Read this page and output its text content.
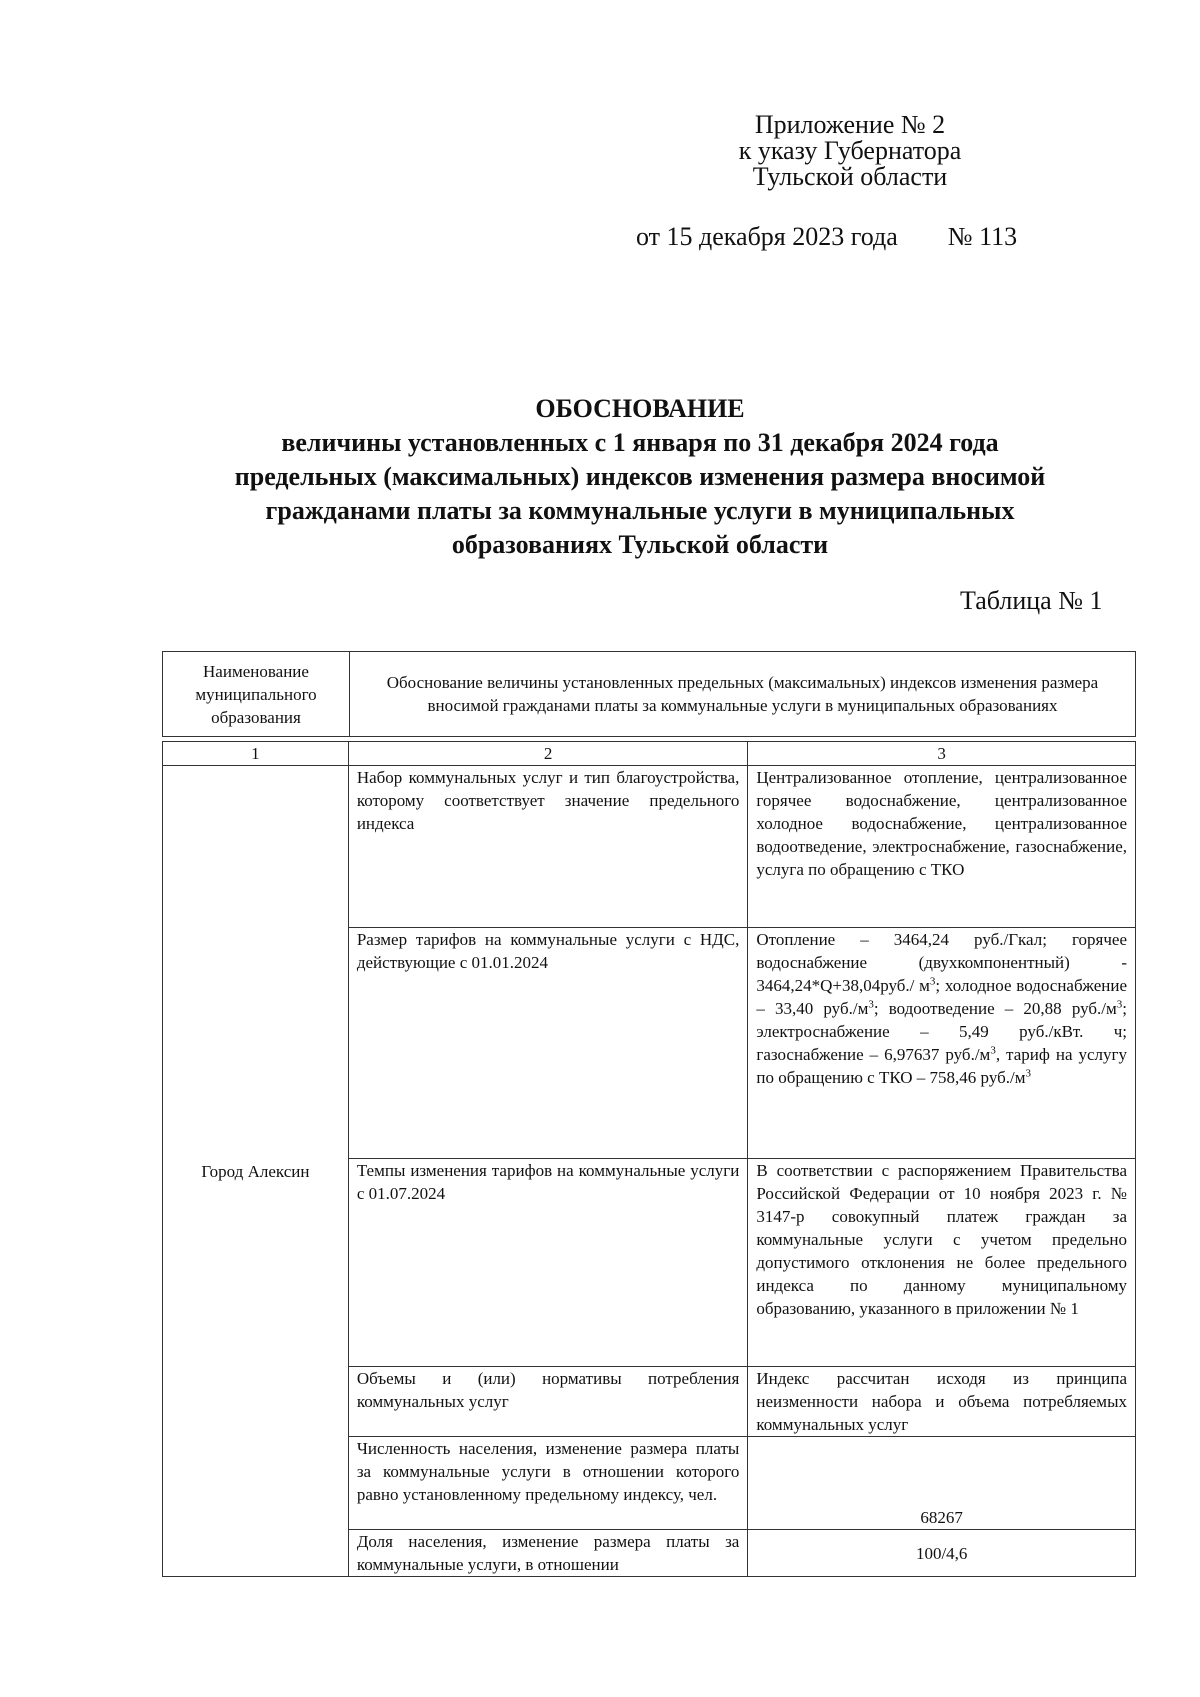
Приложение № 2
к указу Губернатора
Тульской области
от 15 декабря 2023 года № 113
ОБОСНОВАНИЕ
величины установленных с 1 января по 31 декабря 2024 года
предельных (максимальных) индексов изменения размера вносимой
гражданами платы за коммунальные услуги в муниципальных
образованиях Тульской области
Таблица № 1
Наименование муниципального образования	Обоснование величины установленных предельных (максимальных) индексов изменения размера вносимой гражданами платы за коммунальные услуги в муниципальных образованиях
1	2	3
Город Алексин	Набор коммунальных услуг и тип благоустройства, которому соответствует значение предельного индекса	Централизованное отопление, централизованное горячее водоснабжение, централизованное холодное водоснабжение, централизованное водоотведение, электроснабжение, газоснабжение, услуга по обращению с ТКО
	Размер тарифов на коммунальные услуги с НДС, действующие с 01.01.2024	Отопление – 3464,24 руб./Гкал; горячее водоснабжение (двухкомпонентный) - 3464,24*Q+38,04руб./ $м^3$; холодное водоснабжение – 33,40 $руб./м^3$; водоотведение – 20,88 $руб./м^3$; электроснабжение – 5,49 руб./кВт. ч; газоснабжение – 6,97637 $руб./м^3$, тариф на услугу по обращению с ТКО – 758,46 $руб./м^3$
	Темпы изменения тарифов на коммунальные услуги с 01.07.2024	В соответствии с распоряжением Правительства Российской Федерации от 10 ноября 2023 г. № 3147-р совокупный платеж граждан за коммунальные услуги с учетом предельно допустимого отклонения не более предельного индекса по данному муниципальному образованию, указанного в приложении № 1
	Объемы и (или) нормативы потребления коммунальных услуг	Индекс рассчитан исходя из принципа неизменности набора и объема потребляемых коммунальных услуг
	Численность населения, изменение размера платы за коммунальные услуги в отношении которого равно установленному предельному индексу, чел.	68267
	Доля населения, изменение размера платы за коммунальные услуги, в отношении	100/4,6
